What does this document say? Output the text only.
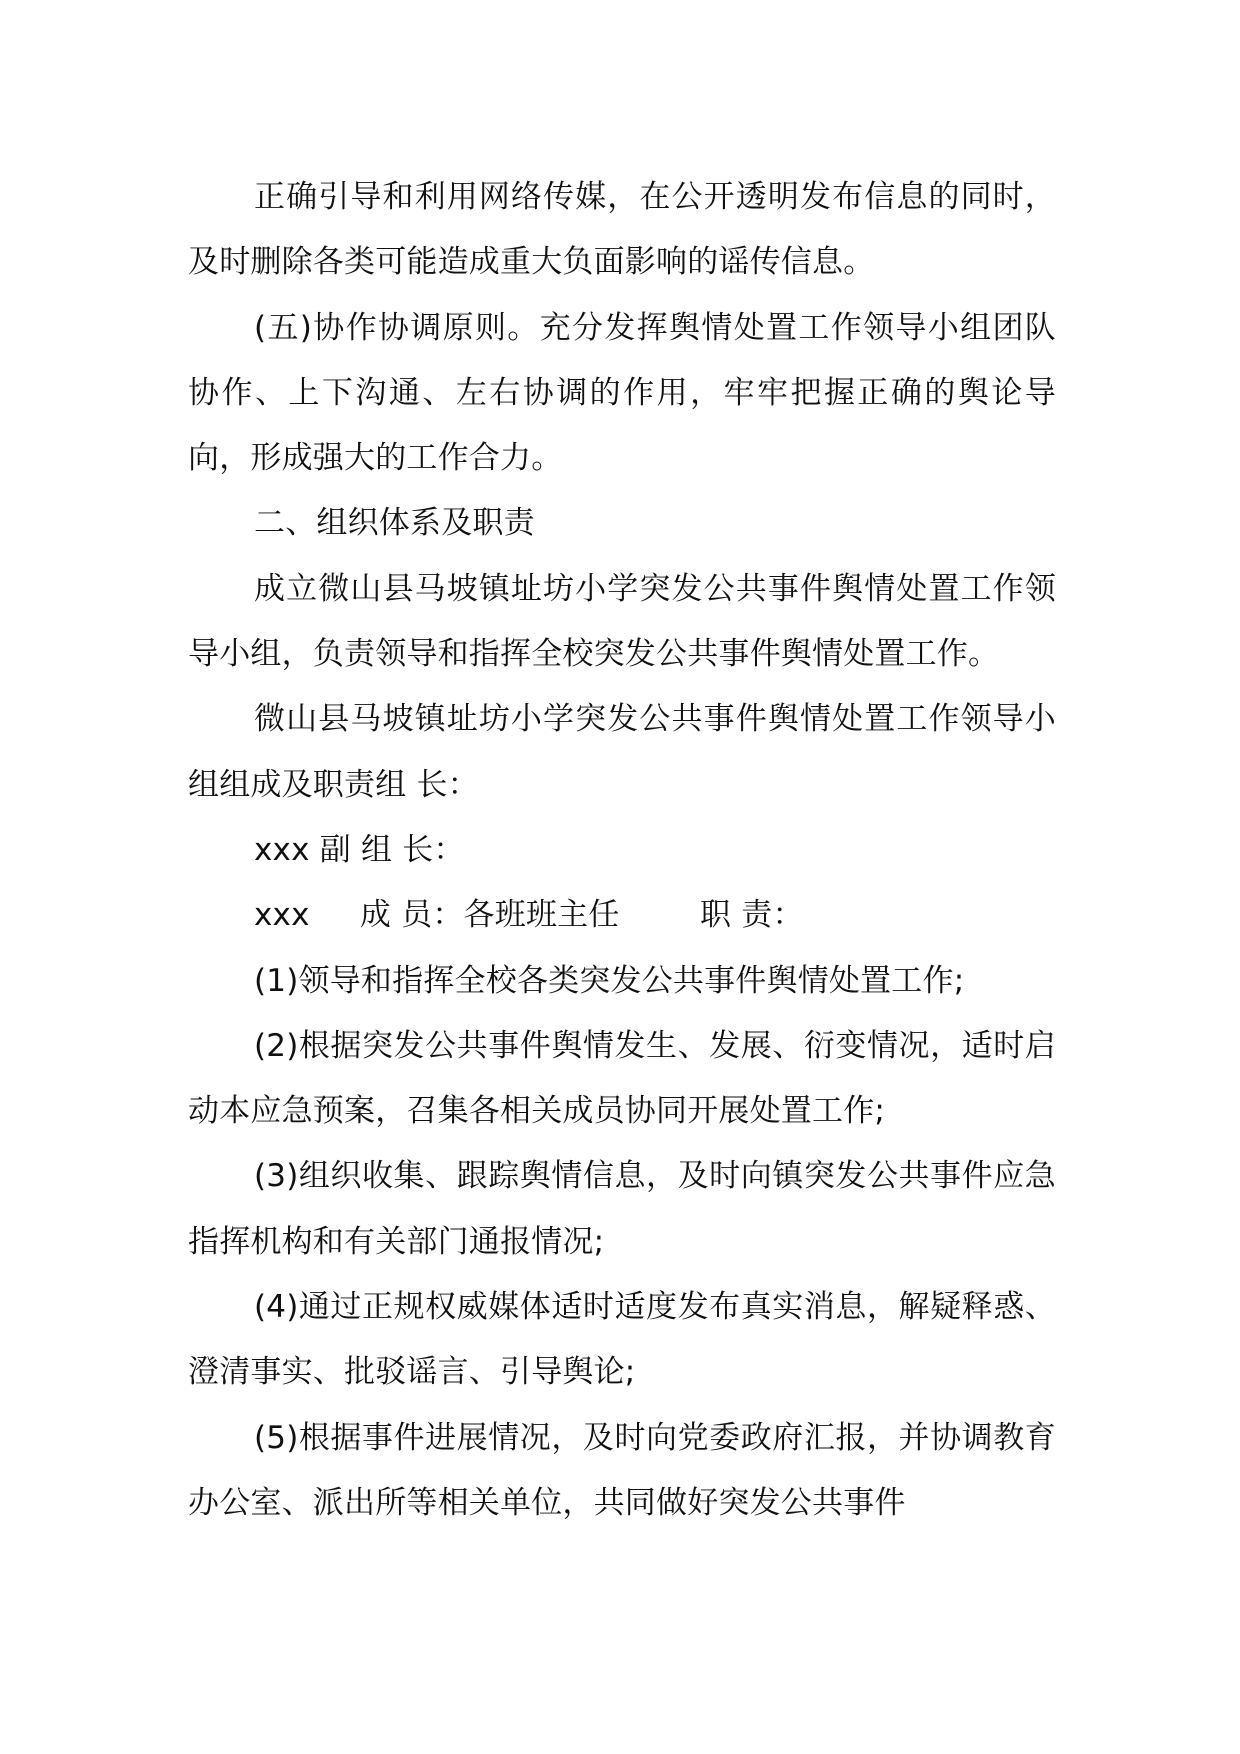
正确引导和利用网络传媒，在公开透明发布信息的同时，及时删除各类可能造成重大负面影响的谣传信息。

(五)协作协调原则。充分发挥舆情处置工作领导小组团队协作、上下沟通、左右协调的作用，牢牢把握正确的舆论导向，形成强大的工作合力。

二、组织体系及职责

成立微山县马坡镇址坊小学突发公共事件舆情处置工作领导小组，负责领导和指挥全校突发公共事件舆情处置工作。

微山县马坡镇址坊小学突发公共事件舆情处置工作领导小组组成及职责组 长：

xxx 副 组 长：

xxx     成 员：各班班主任        职 责：

(1)领导和指挥全校各类突发公共事件舆情处置工作;

(2)根据突发公共事件舆情发生、发展、衍变情况，适时启动本应急预案，召集各相关成员协同开展处置工作;

(3)组织收集、跟踪舆情信息，及时向镇突发公共事件应急指挥机构和有关部门通报情况;

(4)通过正规权威媒体适时适度发布真实消息，解疑释惑、澄清事实、批驳谣言、引导舆论;

(5)根据事件进展情况，及时向党委政府汇报，并协调教育办公室、派出所等相关单位，共同做好突发公共事件
